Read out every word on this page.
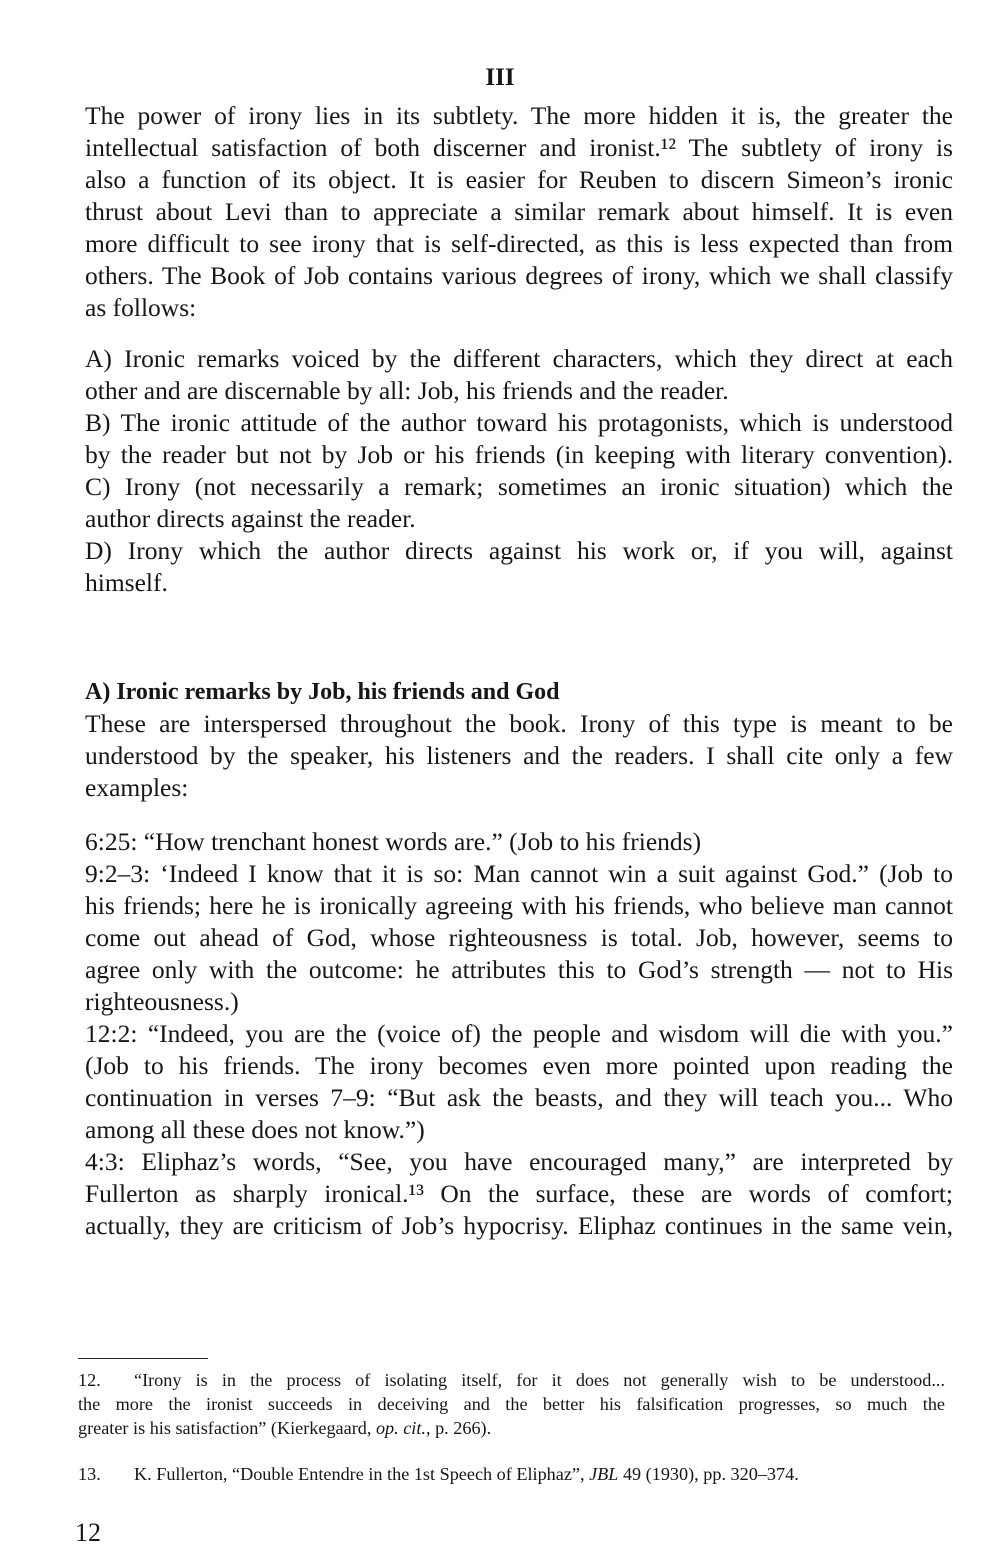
III
The power of irony lies in its subtlety. The more hidden it is, the greater the
intellectual satisfaction of both discerner and ironist.¹² The subtlety of irony is
also a function of its object. It is easier for Reuben to discern Simeon’s ironic
thrust about Levi than to appreciate a similar remark about himself. It is even
more difficult to see irony that is self-directed, as this is less expected than from
others. The Book of Job contains various degrees of irony, which we shall classify
as follows:
A) Ironic remarks voiced by the different characters, which they direct at each
other and are discernable by all: Job, his friends and the reader.
B) The ironic attitude of the author toward his protagonists, which is understood
by the reader but not by Job or his friends (in keeping with literary convention).
C) Irony (not necessarily a remark; sometimes an ironic situation) which the
author directs against the reader.
D) Irony which the author directs against his work or, if you will, against
himself.
A) Ironic remarks by Job, his friends and God
These are interspersed throughout the book. Irony of this type is meant to be
understood by the speaker, his listeners and the readers. I shall cite only a few
examples:
6:25: “How trenchant honest words are.” (Job to his friends)
9:2–3: ‘Indeed I know that it is so: Man cannot win a suit against God.” (Job to
his friends; here he is ironically agreeing with his friends, who believe man cannot
come out ahead of God, whose righteousness is total. Job, however, seems to
agree only with the outcome: he attributes this to God’s strength — not to His
righteousness.)
12:2: “Indeed, you are the (voice of) the people and wisdom will die with you.”
(Job to his friends. The irony becomes even more pointed upon reading the
continuation in verses 7–9: “But ask the beasts, and they will teach you... Who
among all these does not know.”)
4:3: Eliphaz’s words, “See, you have encouraged many,” are interpreted by
Fullerton as sharply ironical.¹³ On the surface, these are words of comfort;
actually, they are criticism of Job’s hypocrisy. Eliphaz continues in the same vein,
12. “Irony is in the process of isolating itself, for it does not generally wish to be understood...
the more the ironist succeeds in deceiving and the better his falsification progresses, so much the
greater is his satisfaction” (Kierkegaard, op. cit., p. 266).
13. K. Fullerton, “Double Entendre in the 1st Speech of Eliphaz”, JBL 49 (1930), pp. 320–374.
12
